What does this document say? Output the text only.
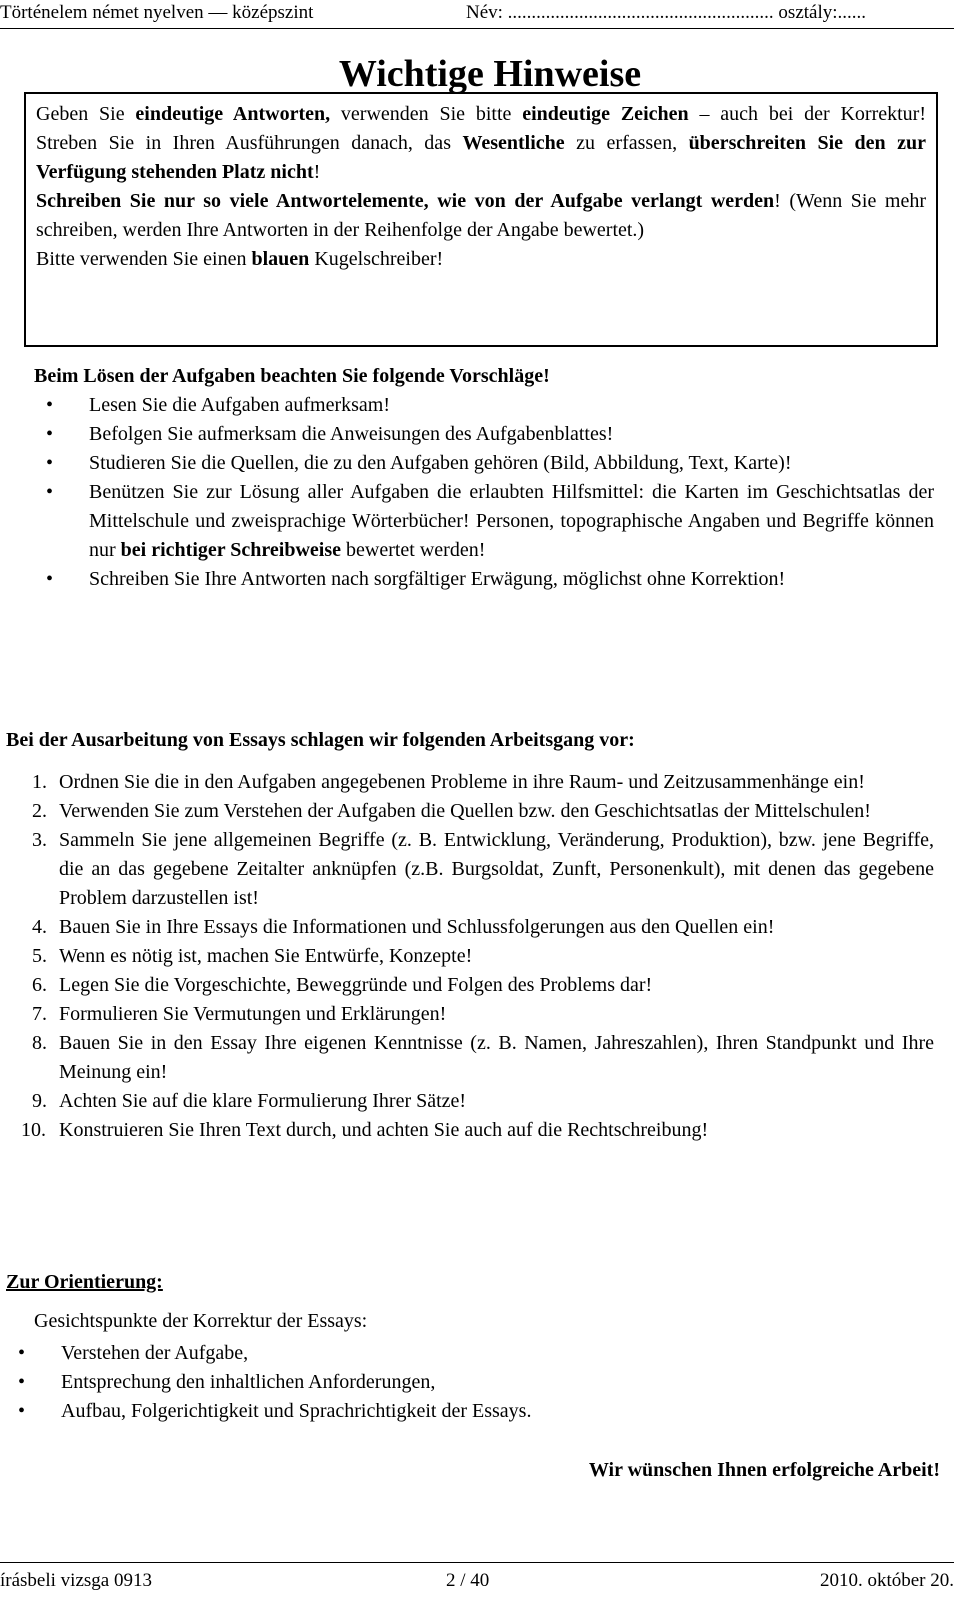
Történelem német nyelven — középszint	Név: ........................................................ osztály:......
Wichtige Hinweise

Geben Sie eindeutige Antworten, verwenden Sie bitte eindeutige Zeichen – auch bei der Korrektur!

Streben Sie in Ihren Ausführungen danach, das Wesentliche zu erfassen, überschreiten Sie den zur Verfügung stehenden Platz nicht!

Schreiben Sie nur so viele Antwortelemente, wie von der Aufgabe verlangt werden! (Wenn Sie mehr schreiben, werden Ihre Antworten in der Reihenfolge der Angabe bewertet.)

Bitte verwenden Sie einen blauen Kugelschreiber!

Beim Lösen der Aufgaben beachten Sie folgende Vorschläge!
• Lesen Sie die Aufgaben aufmerksam!
• Befolgen Sie aufmerksam die Anweisungen des Aufgabenblattes!
• Studieren Sie die Quellen, die zu den Aufgaben gehören (Bild, Abbildung, Text, Karte)!
• Benützen Sie zur Lösung aller Aufgaben die erlaubten Hilfsmittel: die Karten im Geschichtsatlas der Mittelschule und zweisprachige Wörterbücher! Personen, topographische Angaben und Begriffe können nur bei richtiger Schreibweise bewertet werden!
• Schreiben Sie Ihre Antworten nach sorgfältiger Erwägung, möglichst ohne Korrektion!
Bei der Ausarbeitung von Essays schlagen wir folgenden Arbeitsgang vor:
1. Ordnen Sie die in den Aufgaben angegebenen Probleme in ihre Raum- und Zeitzusammenhänge ein!
2. Verwenden Sie zum Verstehen der Aufgaben die Quellen bzw. den Geschichtsatlas der Mittelschulen!
3. Sammeln Sie jene allgemeinen Begriffe (z. B. Entwicklung, Veränderung, Produktion), bzw. jene Begriffe, die an das gegebene Zeitalter anknüpfen (z.B. Burgsoldat, Zunft, Personenkult), mit denen das gegebene Problem darzustellen ist!
4. Bauen Sie in Ihre Essays die Informationen und Schlussfolgerungen aus den Quellen ein!
5. Wenn es nötig ist, machen Sie Entwürfe, Konzepte!
6. Legen Sie die Vorgeschichte, Beweggründe und Folgen des Problems dar!
7. Formulieren Sie Vermutungen und Erklärungen!
8. Bauen Sie in den Essay Ihre eigenen Kenntnisse (z. B. Namen, Jahreszahlen), Ihren Standpunkt und Ihre Meinung ein!
9. Achten Sie auf die klare Formulierung Ihrer Sätze!
10. Konstruieren Sie Ihren Text durch, und achten Sie auch auf die Rechtschreibung!
Zur Orientierung:
Gesichtspunkte der Korrektur der Essays:
• Verstehen der Aufgabe,
• Entsprechung den inhaltlichen Anforderungen,
• Aufbau, Folgerichtigkeit und Sprachrichtigkeit der Essays.
Wir wünschen Ihnen erfolgreiche Arbeit!
írásbeli vizsga 0913	2 / 40	2010. október 20.
